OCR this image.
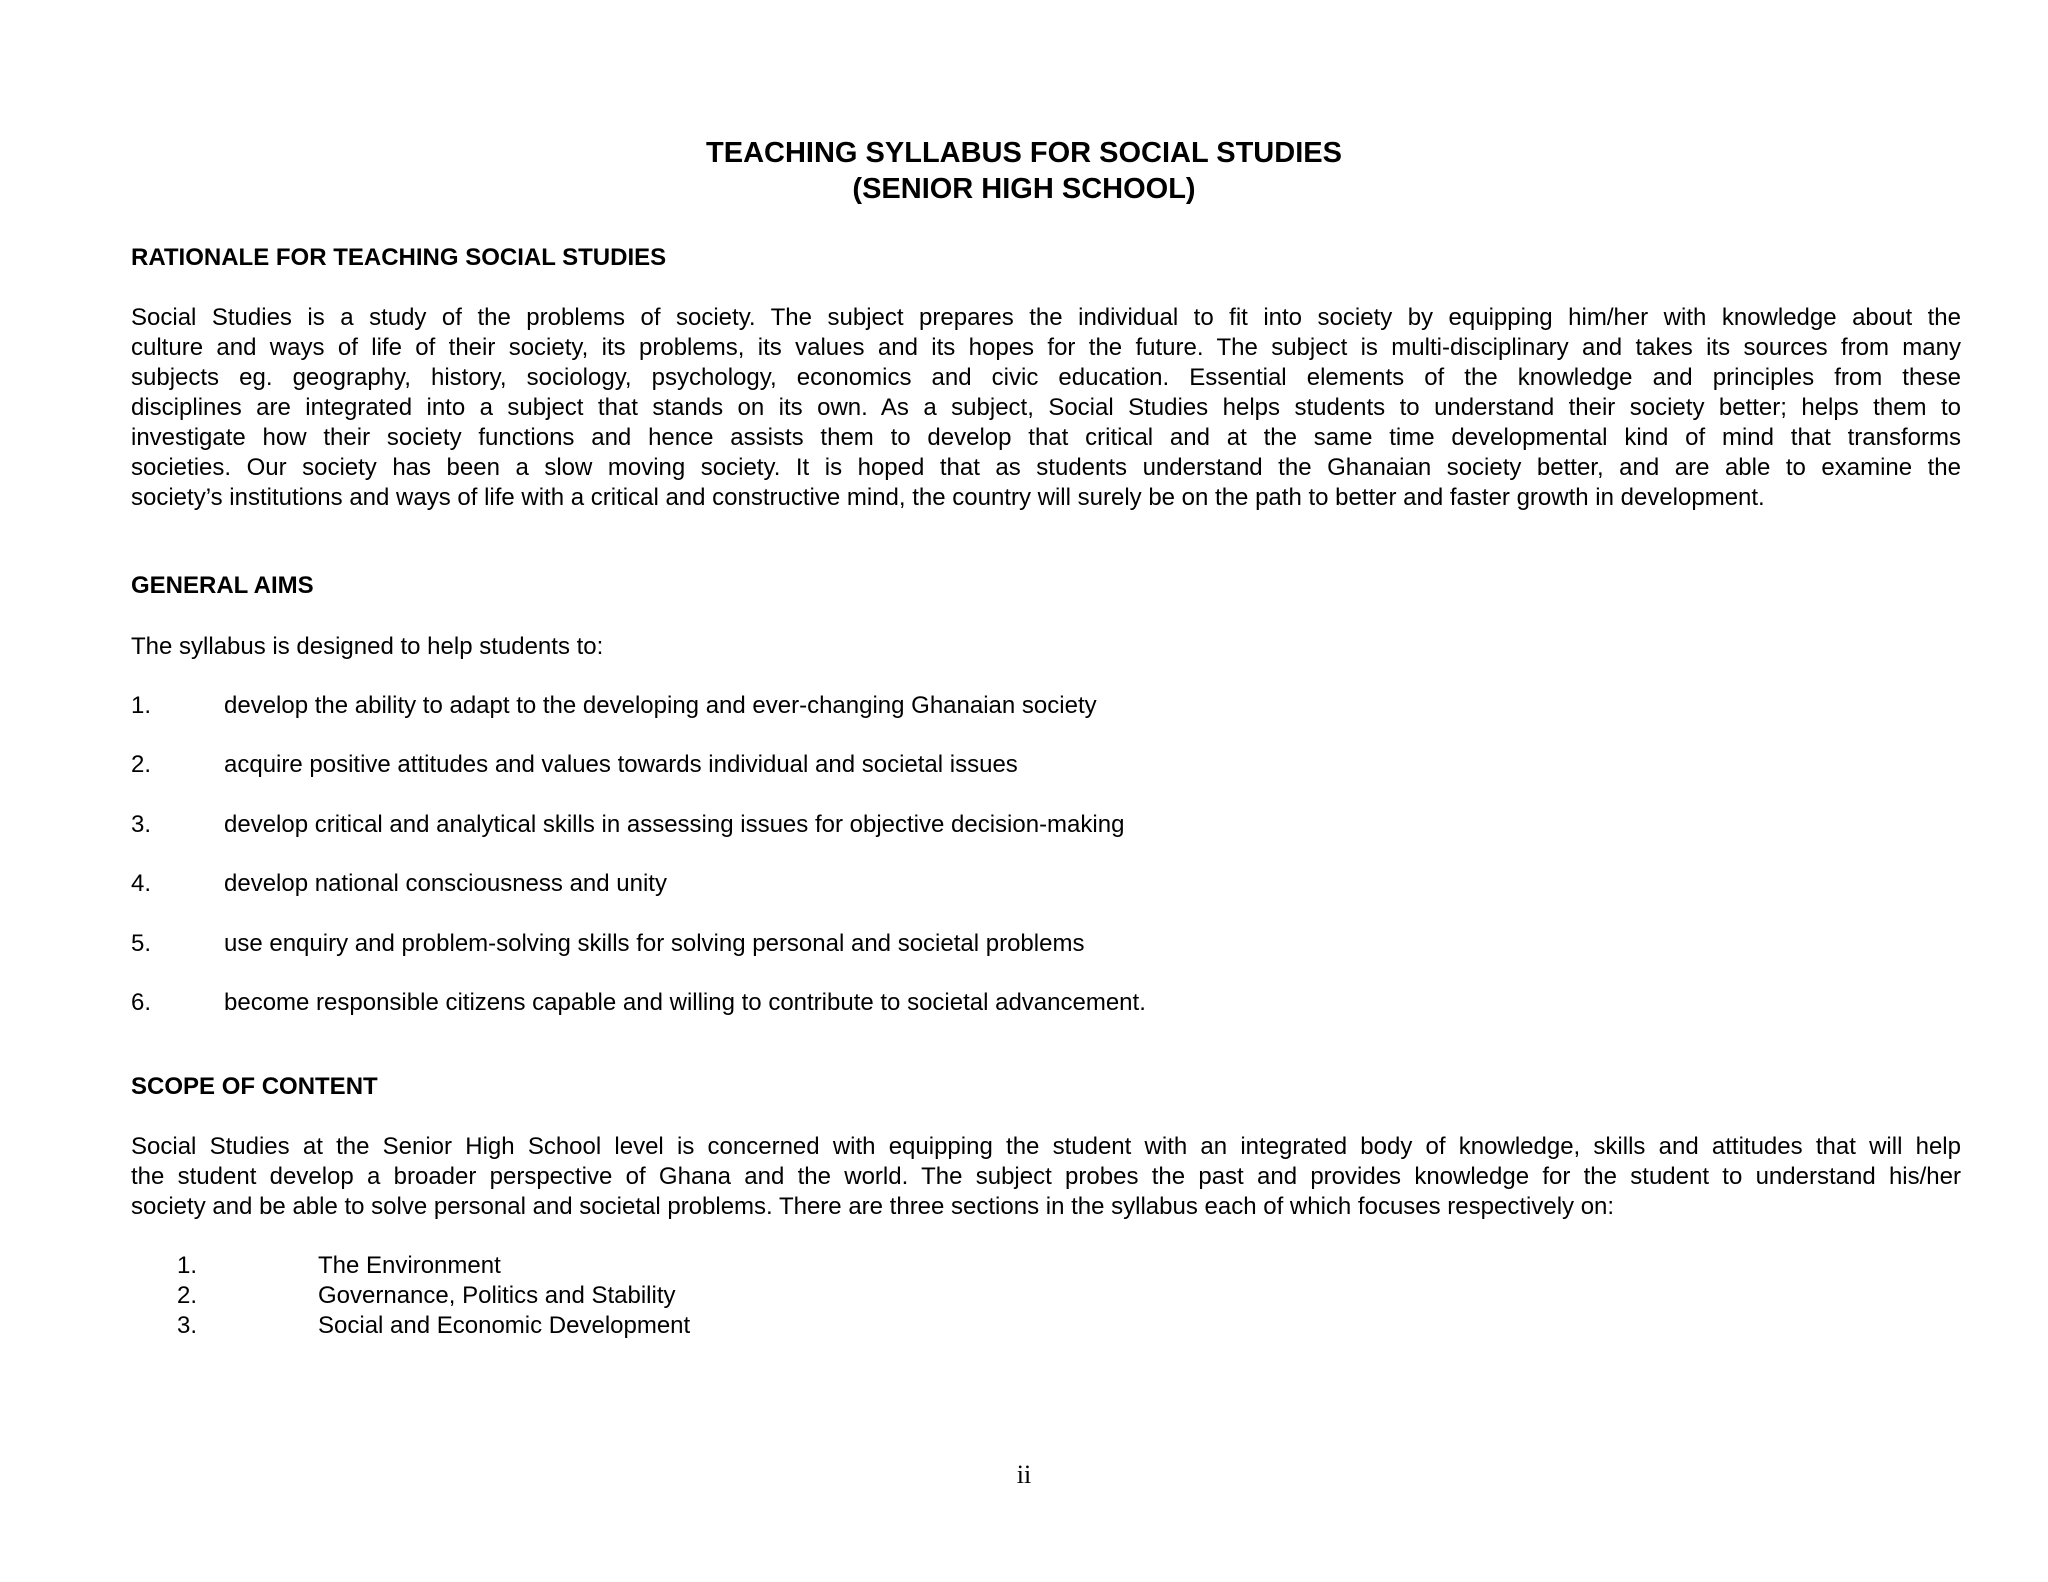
TEACHING SYLLABUS FOR SOCIAL STUDIES
(SENIOR HIGH SCHOOL)
RATIONALE FOR TEACHING SOCIAL STUDIES
Social Studies is a study of the problems of society. The subject prepares the individual to fit into society by equipping him/her with knowledge about the
culture and ways of life of their society, its problems, its values and its hopes for the future. The subject is multi-disciplinary and takes its sources from many
subjects eg. geography, history, sociology, psychology, economics and civic education. Essential elements of the knowledge and principles from these
disciplines are integrated into a subject that stands on its own. As a subject, Social Studies helps students to understand their society better; helps them to
investigate how their society functions and hence assists them to develop that critical and at the same time developmental kind of mind that transforms
societies. Our society has been a slow moving society. It is hoped that as students understand the Ghanaian society better, and are able to examine the
society’s institutions and ways of life with a critical and constructive mind, the country will surely be on the path to better and faster growth in development.
GENERAL AIMS
The syllabus is designed to help students to:
1.	develop the ability to adapt to the developing and ever-changing Ghanaian society
2.	acquire positive attitudes and values towards individual and societal issues
3.	develop critical and analytical skills in assessing issues for objective decision-making
4.	develop national consciousness and unity
5.	use enquiry and problem-solving skills for solving personal and societal problems
6.	become responsible citizens capable and willing to contribute to societal advancement.
SCOPE OF CONTENT
Social Studies at the Senior High School level is concerned with equipping the student with an integrated body of knowledge, skills and attitudes that will help
the student develop a broader perspective of Ghana and the world. The subject probes the past and provides knowledge for the student to understand his/her
society and be able to solve personal and societal problems. There are three sections in the syllabus each of which focuses respectively on:
1.	The Environment
2.	Governance, Politics and Stability
3.	Social and Economic Development
ii
